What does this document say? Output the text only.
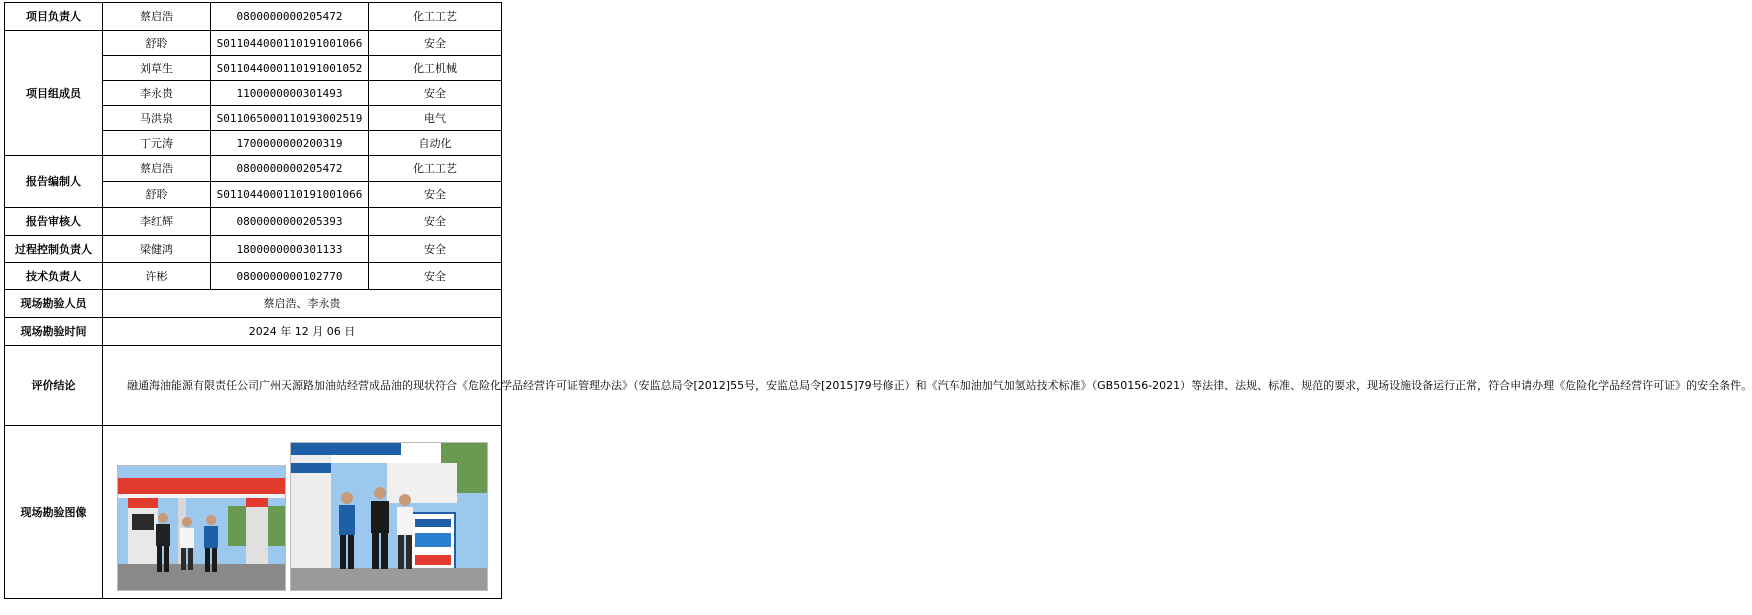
项目负责人	蔡启浩	0800000000205472	化工工艺
项目组成员	舒聆	S011044000110191001066	安全
	刘草生	S011044000110191001052	化工机械
	李永贵	1100000000301493	安全
	马洪泉	S011065000110193002519	电气
	丁元涛	1700000000200319	自动化
报告编制人	蔡启浩	0800000000205472	化工工艺
	舒聆	S011044000110191001066	安全
报告审核人	李红辉	0800000000205393	安全
过程控制负责人	梁健鸿	1800000000301133	安全
技术负责人	许彬	0800000000102770	安全
现场勘验人员	蔡启浩、李永贵		
现场勘验时间	2024 年 12 月 06 日		
评价结论	融通海油能源有限责任公司广州天源路加油站经营成品油的现状符合《危险化学品经营许可证管理办法》（安监总局令[2012]55号，安监总局令[2015]79号修正）和《汽车加油加气加氢站技术标准》（GB50156-2021）等法律、法规、标准、规范的要求，现场设施设备运行正常，符合申请办理《危险化学品经营许可证》的安全条件。		
现场勘验图像	
